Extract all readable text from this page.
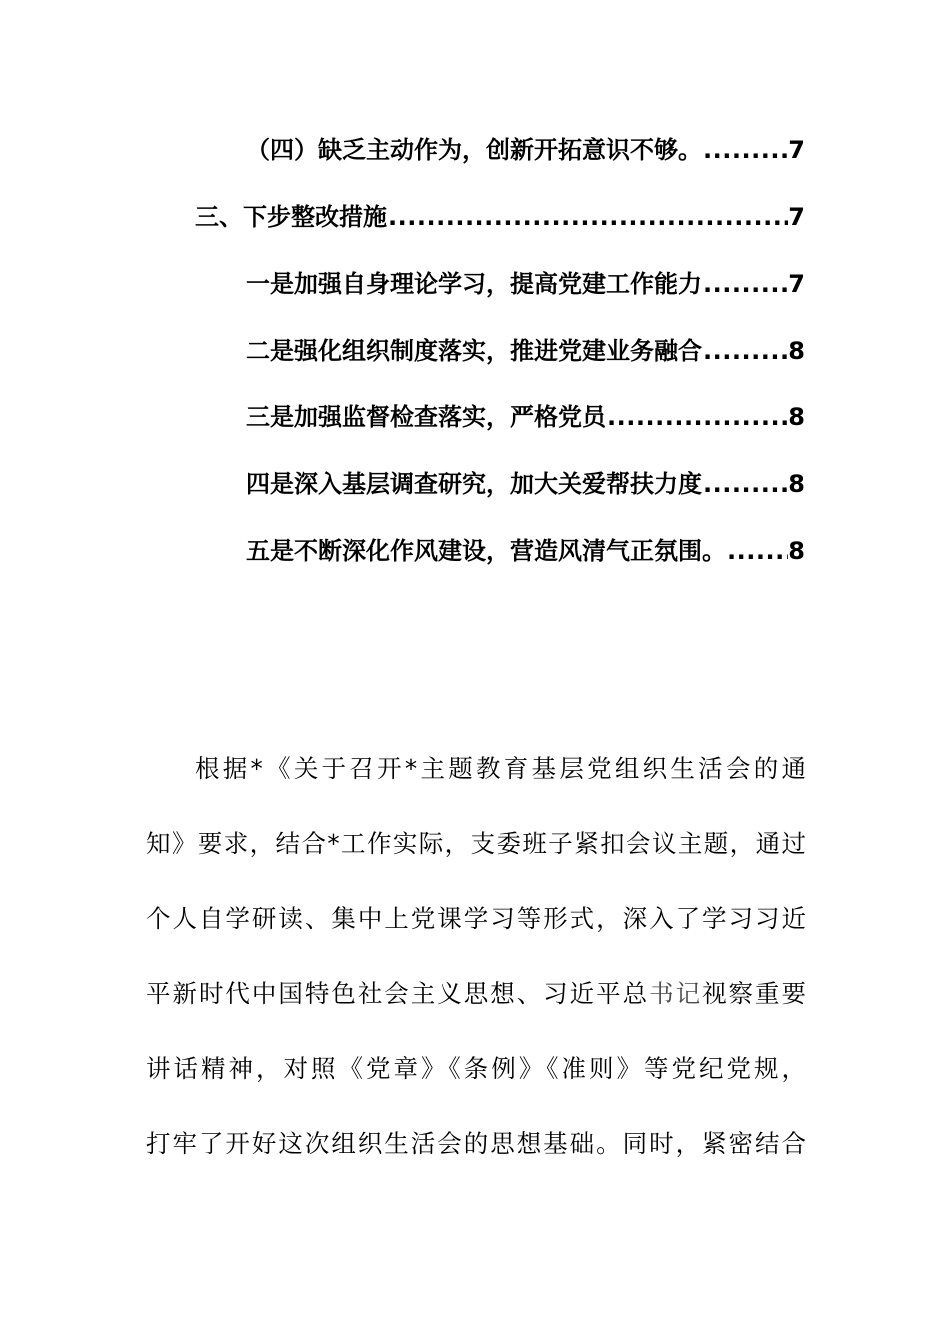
（四）缺乏主动作为，创新开拓意识不够。 .....	7
三、下步整改措施 .....	7
一是加强自身理论学习，提高党建工作能力 .....	7
二是强化组织制度落实，推进党建业务融合 .....	8
三是加强监督检查落实，严格党员 .....	8
四是深入基层调查研究，加大关爱帮扶力度 .....	8
五是不断深化作风建设，营造风清气正氛围。 .....	8
根据*《关于召开*主题教育基层党组织生活会的通
知》要求，结合*工作实际，支委班子紧扣会议主题，通过
个人自学研读、集中上党课学习等形式，深入了学习习近
平新时代中国特色社会主义思想、习近平总书记视察重要
讲话精神，对照《党章》《条例》《准则》等党纪党规，
打牢了开好这次组织生活会的思想基础。同时，紧密结合
